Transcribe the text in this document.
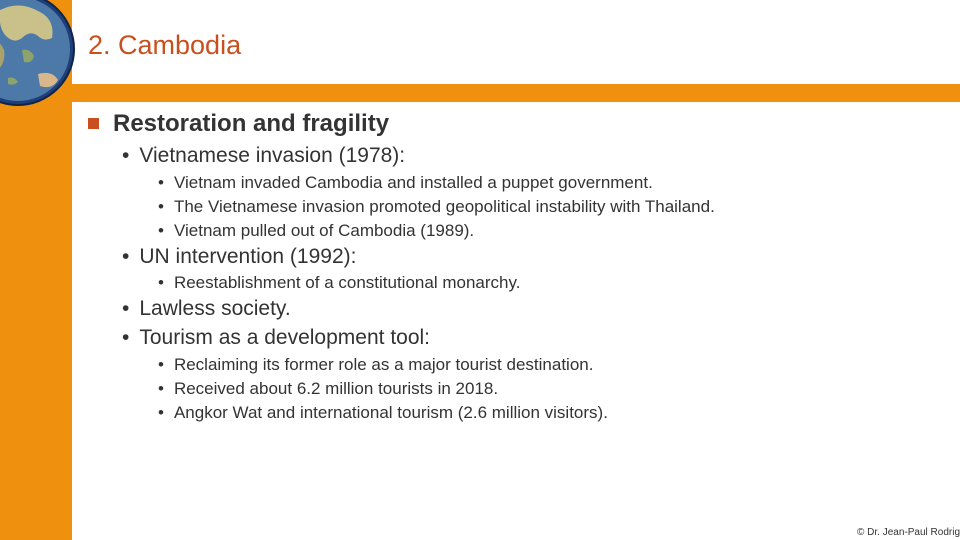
2. Cambodia
Restoration and fragility
• Vietnamese invasion (1978):
• Vietnam invaded Cambodia and installed a puppet government.
• The Vietnamese invasion promoted geopolitical instability with Thailand.
• Vietnam pulled out of Cambodia (1989).
• UN intervention (1992):
• Reestablishment of a constitutional monarchy.
• Lawless society.
• Tourism as a development tool:
• Reclaiming its former role as a major tourist destination.
• Received about 6.2 million tourists in 2018.
• Angkor Wat and international tourism (2.6 million visitors).
© Dr. Jean-Paul Rodrig
